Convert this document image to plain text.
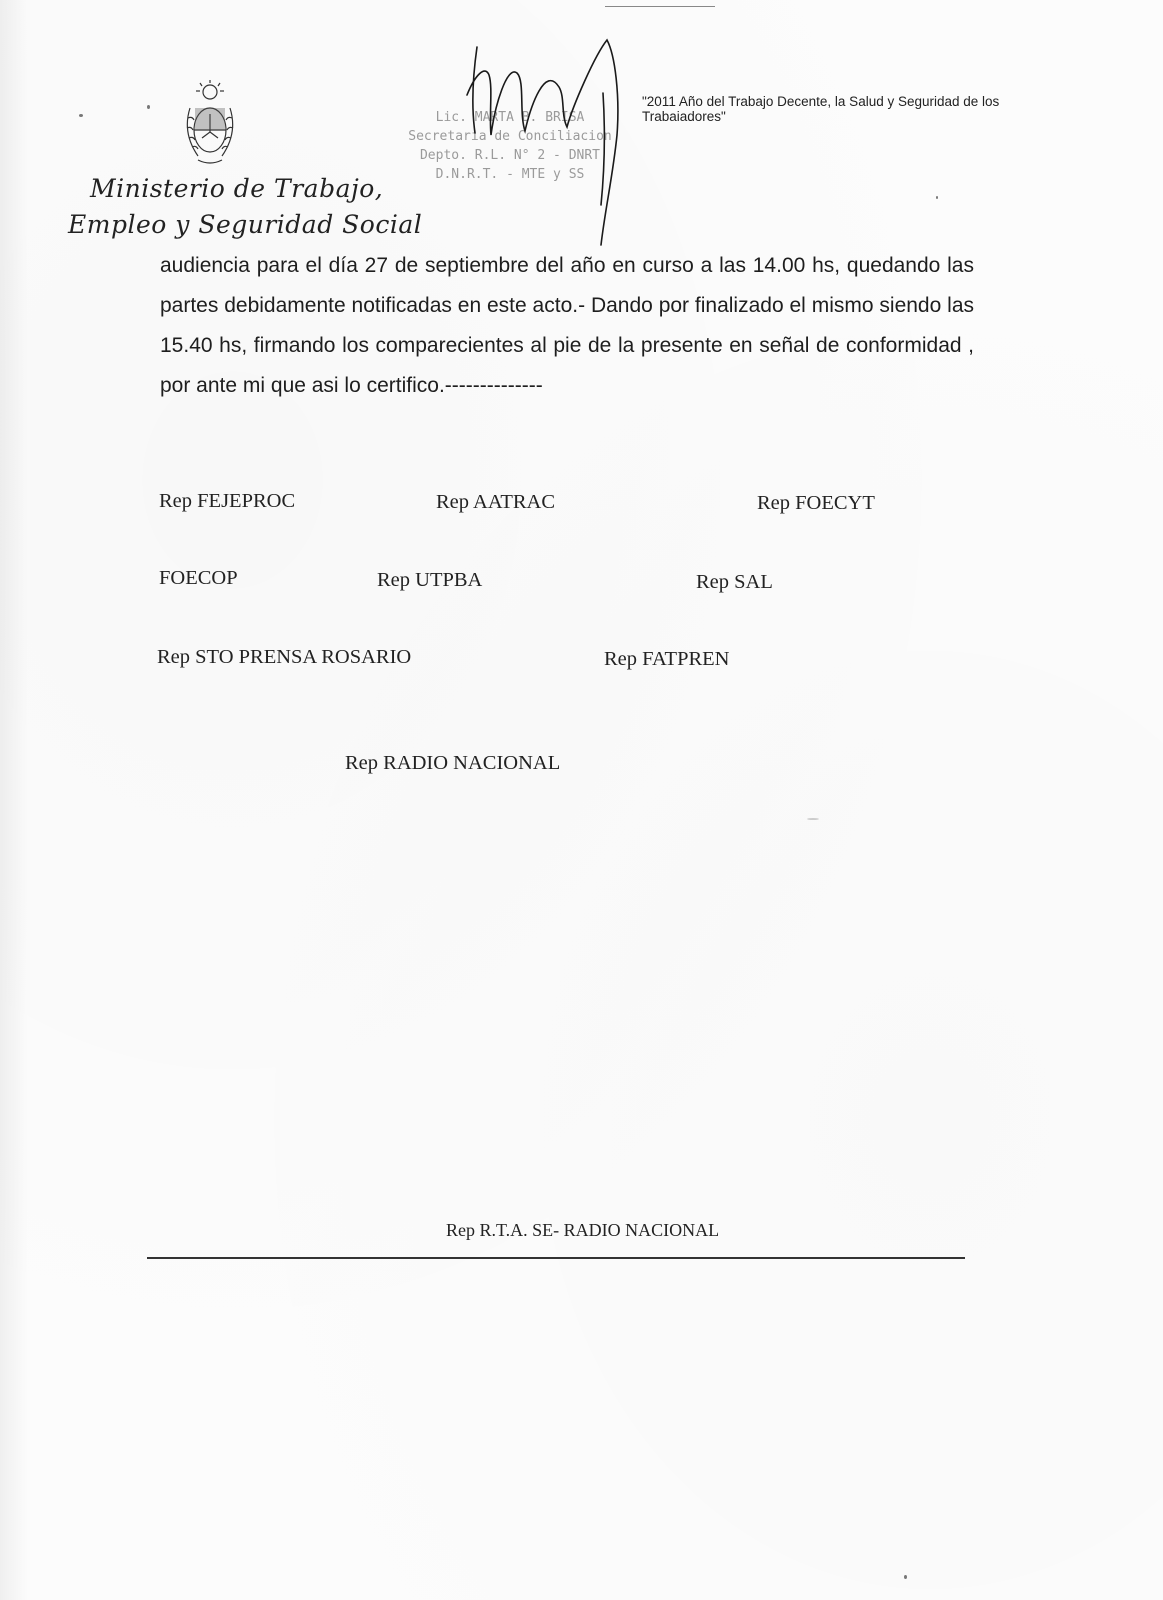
Ministerio de Trabajo,
Empleo y Seguridad Social
Lic. MARTA B. BRISA
Secretaria de Conciliacion
Depto. R.L. N° 2 - DNRT
D.N.R.T. - MTE y SS
"2011 Año del Trabajo Decente, la Salud y Seguridad de los Trabaiadores"

audiencia para el día 27 de septiembre del año en curso a las 14.00 hs, quedando las partes debidamente notificadas en este acto.- Dando por finalizado el mismo siendo las 15.40 hs, firmando los comparecientes al pie de la presente en señal de conformidad , por ante mi que asi lo certifico.--------------

Rep FEJEPROC	Rep AATRAC	Rep FOECYT
FOECOP	Rep UTPBA	Rep SAL
Rep STO PRENSA ROSARIO	Rep FATPREN
Rep RADIO NACIONAL
Rep R.T.A. SE- RADIO NACIONAL
